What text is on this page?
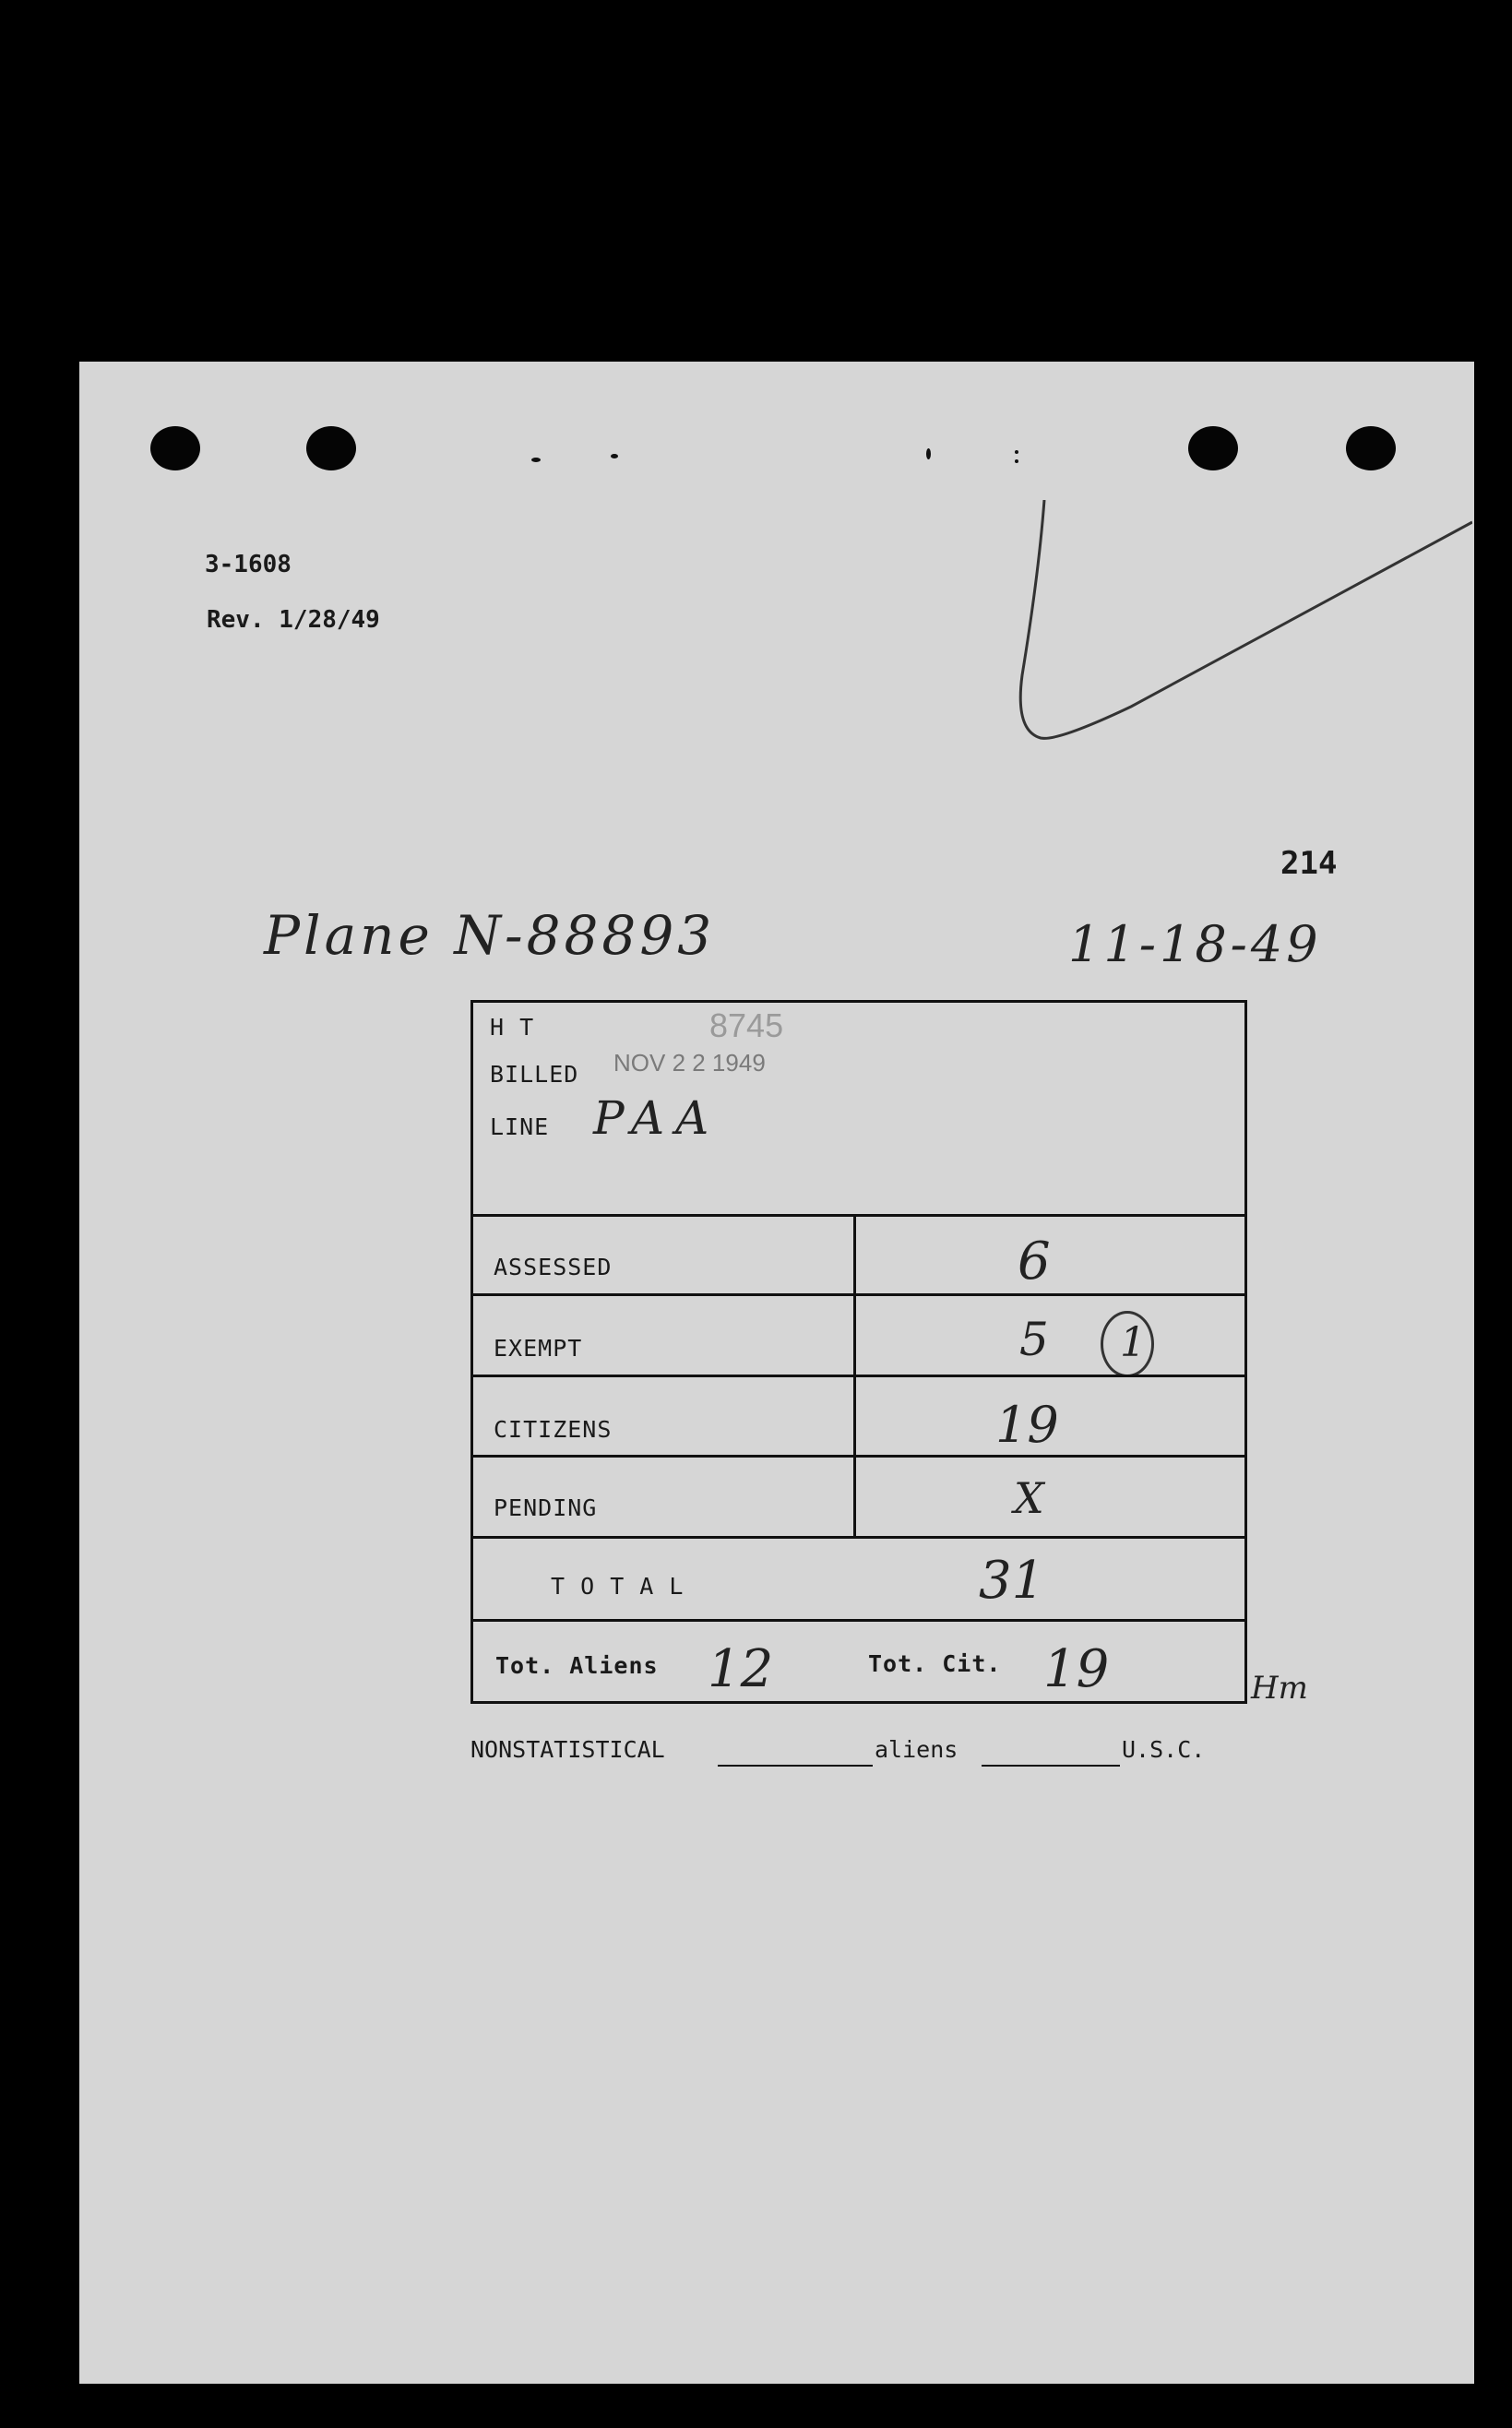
3-1608
Rev. 1/28/49
214
Plane N-88893	11-18-49
H T	8745
BILLED NOV 2 2 1949
LINE PAA
ASSESSED	6
EXEMPT	5 1
CITIZENS	19
PENDING	X
T O T A L	31
Tot. Aliens 12	Tot. Cit. 19	Hm
NONSTATISTICAL	aliens	U.S.C.
